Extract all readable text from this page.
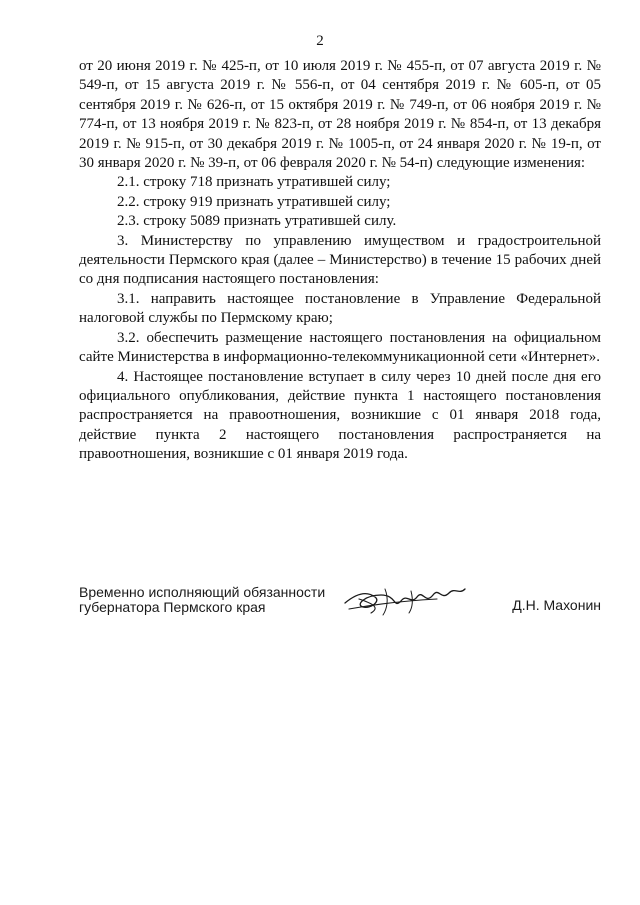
2

от 20 июня 2019 г. № 425-п, от 10 июля 2019 г. № 455-п, от 07 августа 2019 г. № 549-п, от 15 августа 2019 г. № 556-п, от 04 сентября 2019 г. № 605-п, от 05 сентября 2019 г. № 626-п, от 15 октября 2019 г. № 749-п, от 06 ноября 2019 г. № 774-п, от 13 ноября 2019 г. № 823-п, от 28 ноября 2019 г. № 854-п, от 13 декабря 2019 г. № 915-п, от 30 декабря 2019 г. № 1005-п, от 24 января 2020 г. № 19-п, от 30 января 2020 г. № 39-п, от 06 февраля 2020 г. № 54-п) следующие изменения:

2.1. строку 718 признать утратившей силу;

2.2. строку 919 признать утратившей силу;

2.3. строку 5089 признать утратившей силу.

3. Министерству по управлению имуществом и градостроительной деятельности Пермского края (далее – Министерство) в течение 15 рабочих дней со дня подписания настоящего постановления:

3.1. направить настоящее постановление в Управление Федеральной налоговой службы по Пермскому краю;

3.2. обеспечить размещение настоящего постановления на официальном сайте Министерства в информационно-телекоммуникационной сети «Интернет».

4. Настоящее постановление вступает в силу через 10 дней после дня его официального опубликования, действие пункта 1 настоящего постановления распространяется на правоотношения, возникшие с 01 января 2018 года, действие пункта 2 настоящего постановления распространяется на правоотношения, возникшие с 01 января 2019 года.

Временно исполняющий обязанности
губернатора Пермского края	Д.Н. Махонин
